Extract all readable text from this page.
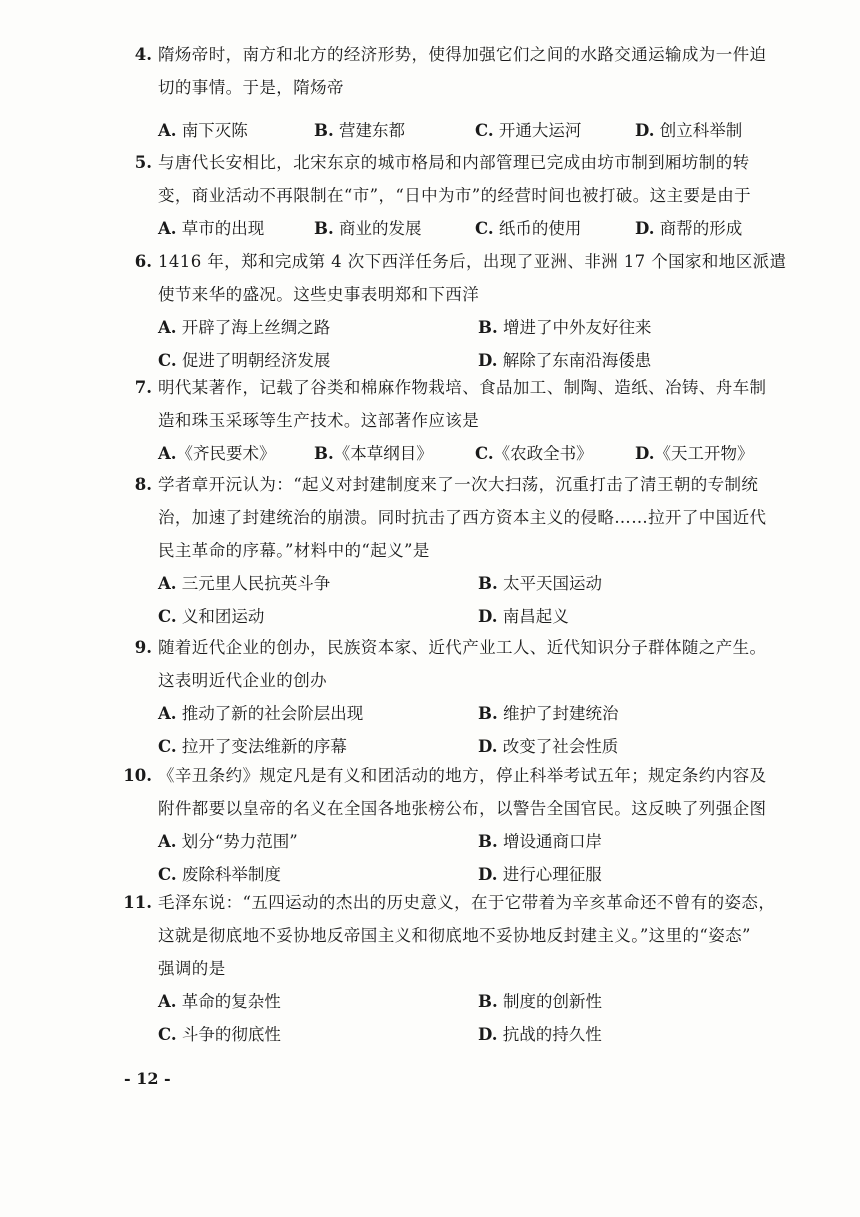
4. 隋炀帝时，南方和北方的经济形势，使得加强它们之间的水路交通运输成为一件迫
切的事情。于是，隋炀帝
A. 南下灭陈	B. 营建东都	C. 开通大运河	D. 创立科举制
5. 与唐代长安相比，北宋东京的城市格局和内部管理已完成由坊市制到厢坊制的转
变，商业活动不再限制在“市”，“日中为市”的经营时间也被打破。这主要是由于
A. 草市的出现	B. 商业的发展	C. 纸币的使用	D. 商帮的形成
6. 1416 年，郑和完成第 4 次下西洋任务后，出现了亚洲、非洲 17 个国家和地区派遣
使节来华的盛况。这些史事表明郑和下西洋
A. 开辟了海上丝绸之路	B. 增进了中外友好往来
C. 促进了明朝经济发展	D. 解除了东南沿海倭患
7. 明代某著作，记载了谷类和棉麻作物栽培、食品加工、制陶、造纸、冶铸、舟车制
造和珠玉采琢等生产技术。这部著作应该是
A.《齐民要术》 B.《本草纲目》	C.《农政全书》	D.《天工开物》
8. 学者章开沅认为：“起义对封建制度来了一次大扫荡，沉重打击了清王朝的专制统
治，加速了封建统治的崩溃。同时抗击了西方资本主义的侵略……拉开了中国近代
民主革命的序幕。”材料中的“起义”是
A. 三元里人民抗英斗争	B. 太平天国运动
C. 义和团运动	D. 南昌起义
9. 随着近代企业的创办，民族资本家、近代产业工人、近代知识分子群体随之产生。
这表明近代企业的创办
A. 推动了新的社会阶层出现	B. 维护了封建统治
C. 拉开了变法维新的序幕	D. 改变了社会性质
10. 《辛丑条约》规定凡是有义和团活动的地方，停止科举考试五年；规定条约内容及
附件都要以皇帝的名义在全国各地张榜公布，以警告全国官民。这反映了列强企图
A. 划分“势力范围”	B. 增设通商口岸
C. 废除科举制度	D. 进行心理征服
11. 毛泽东说：“五四运动的杰出的历史意义，在于它带着为辛亥革命还不曾有的姿态，
这就是彻底地不妥协地反帝国主义和彻底地不妥协地反封建主义。”这里的“姿态”
强调的是
A. 革命的复杂性	B. 制度的创新性
C. 斗争的彻底性	D. 抗战的持久性
- 12 -
